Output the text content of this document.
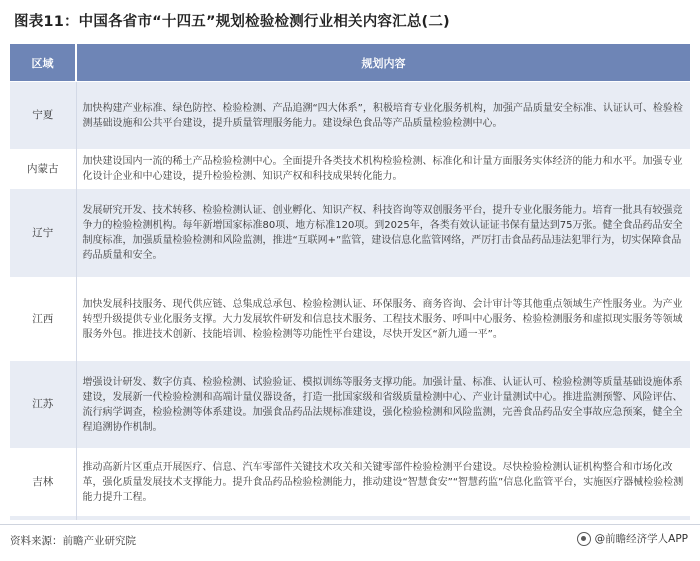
图表11：中国各省市“十四五”规划检验检测行业相关内容汇总(二)
区域	规划内容
宁夏	加快构建产业标准、绿色防控、检验检测、产品追溯“四大体系”，积极培育专业化服务机构，加强产品质量安全标准、认证认可、检验检测基础设施和公共平台建设，提升质量管理服务能力。建设绿色食品等产品质量检验检测中心。
内蒙古	加快建设国内一流的稀土产品检验检测中心。全面提升各类技术机构检验检测、标准化和计量方面服务实体经济的能力和水平。加强专业化设计企业和中心建设，提升检验检测、知识产权和科技成果转化能力。
辽宁	发展研究开发、技术转移、检验检测认证、创业孵化、知识产权、科技咨询等双创服务平台，提升专业化服务能力。培育一批具有较强竞争力的检验检测机构。每年新增国家标准80项、地方标准120项。到2025年，各类有效认证证书保有量达到75万张。健全食品药品安全制度标准，加强质量检验检测和风险监测，推进“互联网+”监管，建设信息化监管网络，严厉打击食品药品违法犯罪行为，切实保障食品药品质量和安全。
江西	加快发展科技服务、现代供应链、总集成总承包、检验检测认证、环保服务、商务咨询、会计审计等其他重点领域生产性服务业。为产业转型升级提供专业化服务支撑。大力发展软件研发和信息技术服务、工程技术服务、呼叫中心服务、检验检测服务和虚拟现实服务等领域服务外包。推进技术创新、技能培训、检验检测等功能性平台建设，尽快开发区“新九通一平”。
江苏	增强设计研发、数字仿真、检验检测、试验验证、模拟训练等服务支撑功能。加强计量、标准、认证认可、检验检测等质量基础设施体系建设，发展新一代检验检测和高端计量仪器设备，打造一批国家级和省级质量检测中心、产业计量测试中心。推进监测预警、风险评估、流行病学调查，检验检测等体系建设。加强食品药品法规标准建设，强化检验检测和风险监测，完善食品药品安全事故应急预案，健全全程追溯协作机制。
吉林	推动高新片区重点开展医疗、信息、汽车零部件关键技术攻关和关键零部件检验检测平台建设。尽快检验检测认证机构整合和市场化改革，强化质量发展技术支撑能力。提升食品药品检验检测能力，推动建设“智慧食安”“智慧药监”信息化监管平台，实施医疗器械检验检测能力提升工程。

资料来源：前瞻产业研究院	@前瞻经济学人APP
